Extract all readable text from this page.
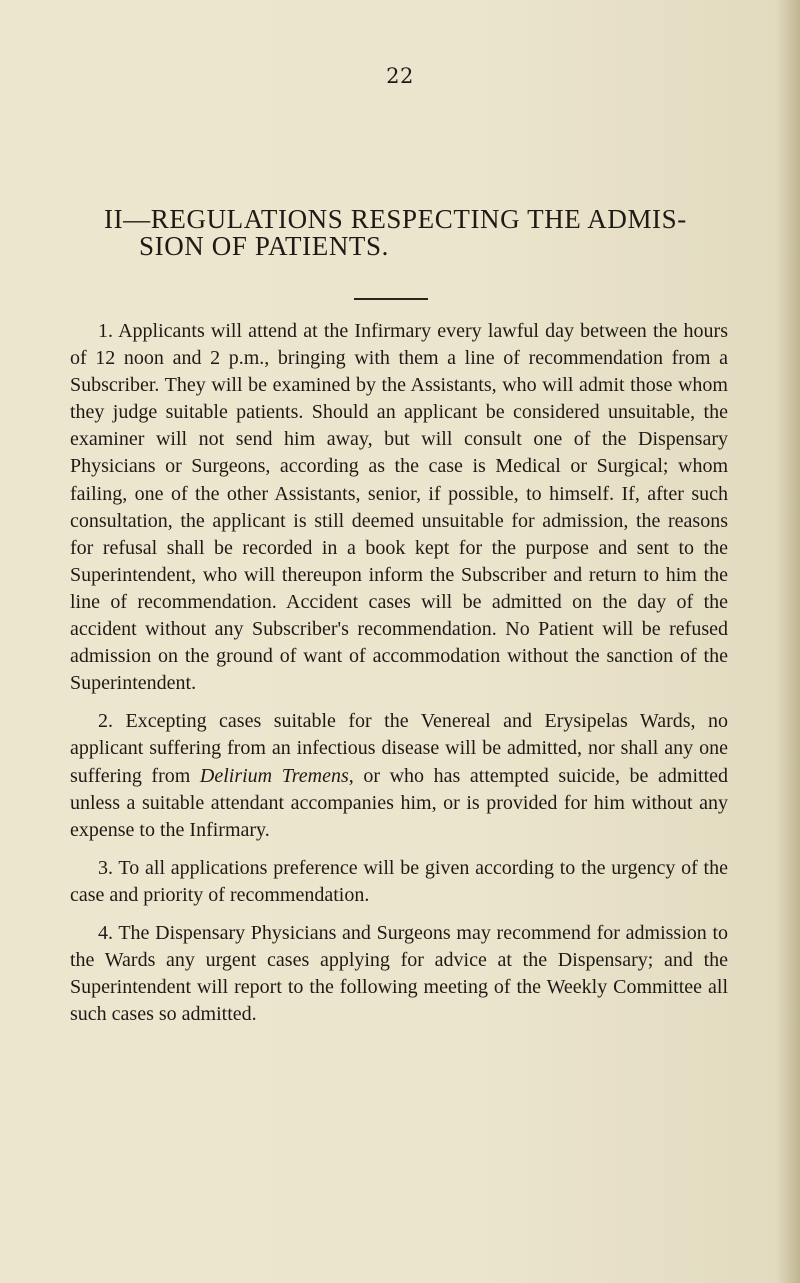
22
II—REGULATIONS RESPECTING THE ADMIS-
SION OF PATIENTS.

1. Applicants will attend at the Infirmary every lawful day between the hours of 12 noon and 2 p.m., bringing with them a line of recommendation from a Subscriber. They will be examined by the Assistants, who will admit those whom they judge suitable patients. Should an applicant be considered unsuitable, the examiner will not send him away, but will consult one of the Dispensary Physicians or Surgeons, according as the case is Medical or Surgical; whom failing, one of the other Assistants, senior, if possible, to himself. If, after such consultation, the applicant is still deemed unsuitable for admission, the reasons for refusal shall be recorded in a book kept for the purpose and sent to the Superintendent, who will thereupon inform the Subscriber and return to him the line of recommendation. Accident cases will be admitted on the day of the accident without any Subscriber's recommendation. No Patient will be refused admission on the ground of want of accommodation without the sanction of the Superintendent.

2. Excepting cases suitable for the Venereal and Erysipelas Wards, no applicant suffering from an infectious disease will be admitted, nor shall any one suffering from Delirium Tremens, or who has attempted suicide, be admitted unless a suitable attendant accompanies him, or is provided for him without any expense to the Infirmary.

3. To all applications preference will be given according to the urgency of the case and priority of recommendation.

4. The Dispensary Physicians and Surgeons may recommend for admission to the Wards any urgent cases applying for advice at the Dispensary; and the Superintendent will report to the following meeting of the Weekly Committee all such cases so admitted.
